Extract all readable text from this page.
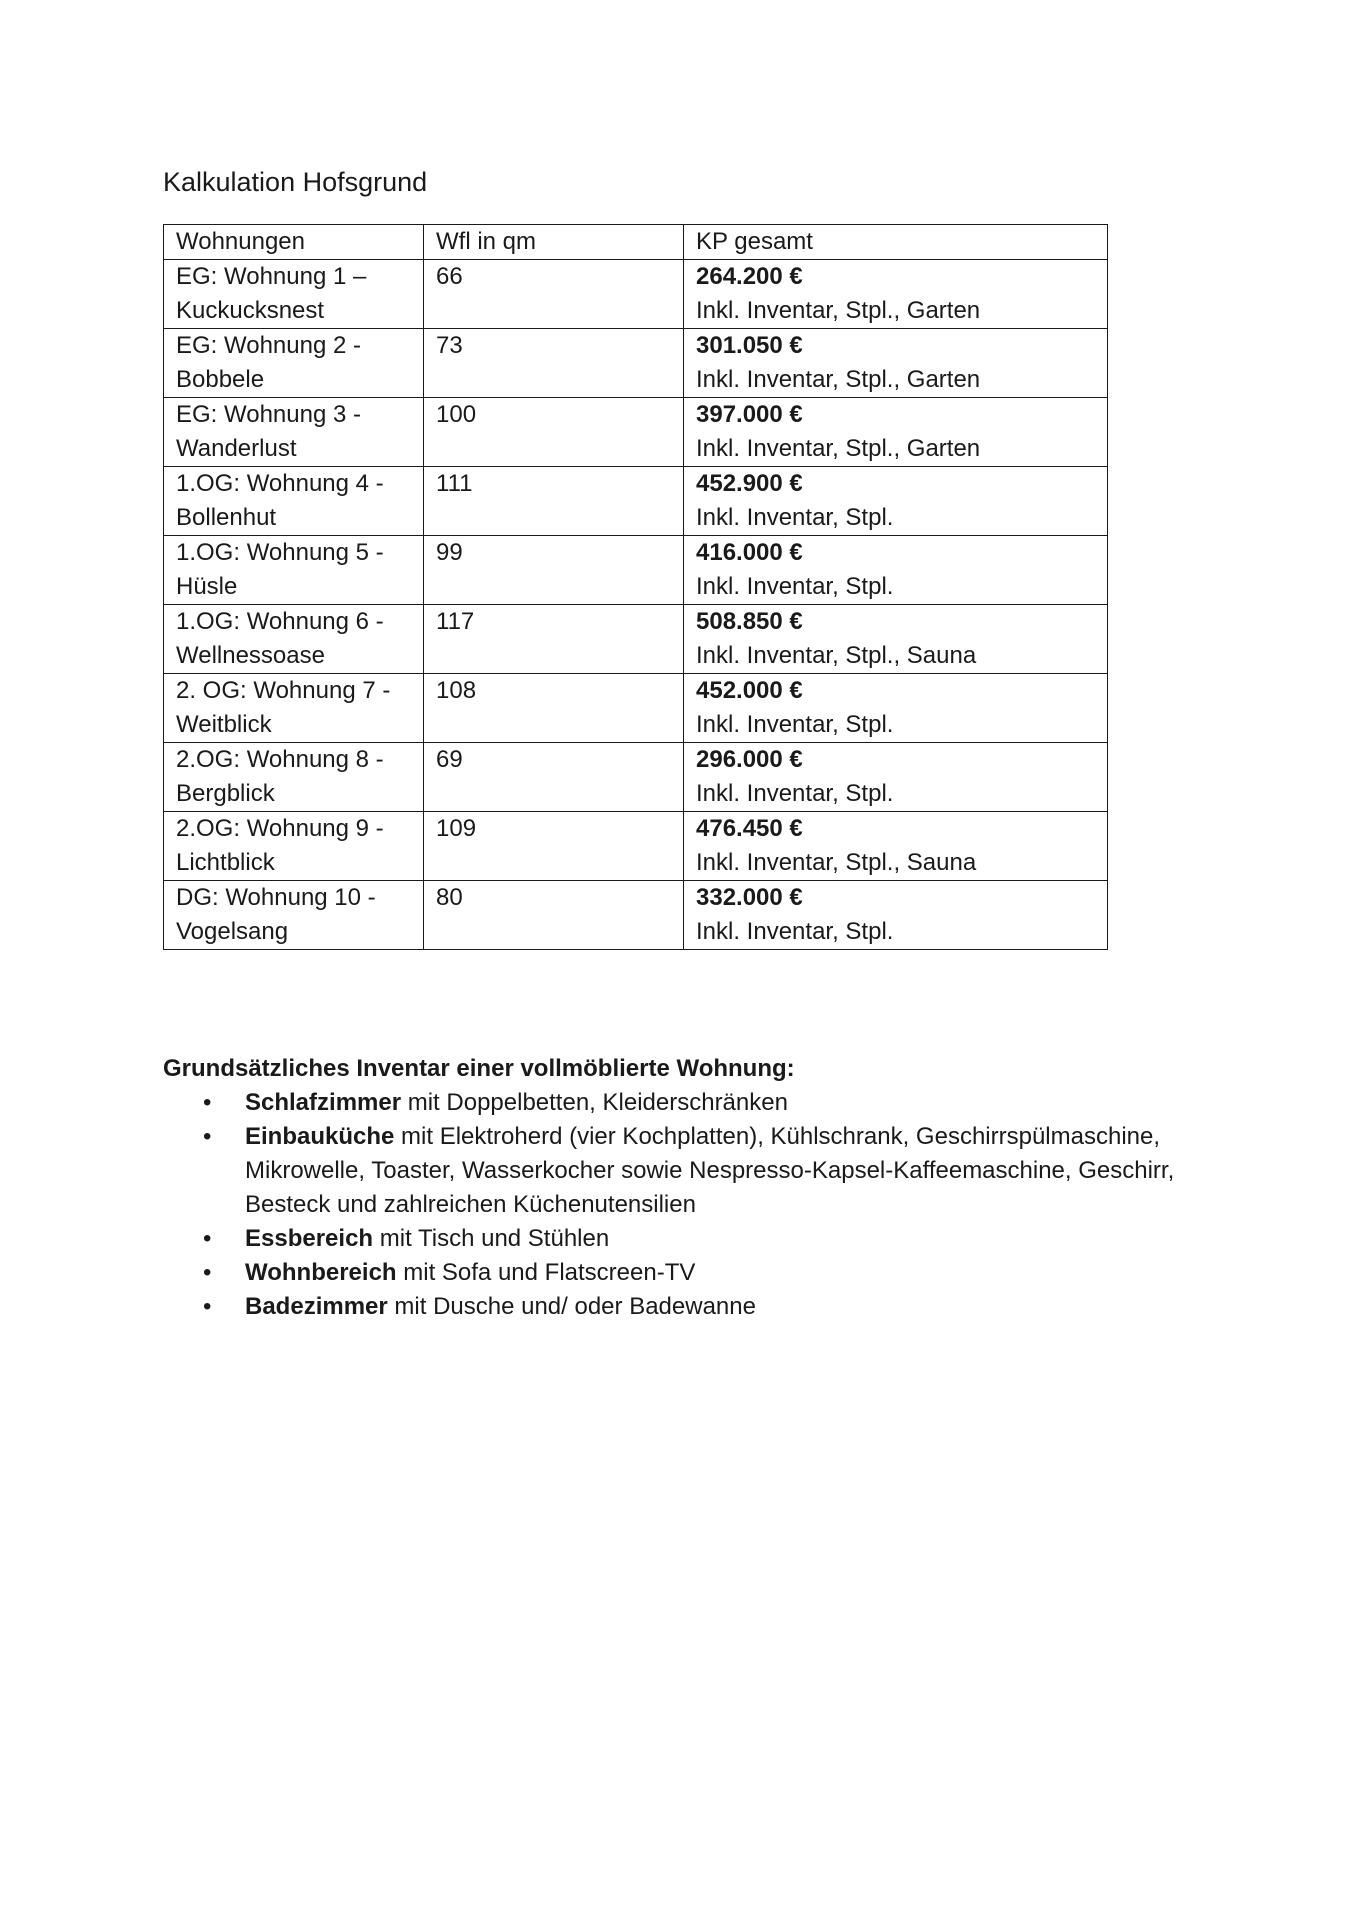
Kalkulation Hofsgrund
Wohnungen	Wfl in qm	KP gesamt
EG: Wohnung 1 – Kuckucksnest	66	264.200 €
Inkl. Inventar, Stpl., Garten

EG: Wohnung 2 - Bobbele	73	301.050 €
Inkl. Inventar, Stpl., Garten

EG: Wohnung 3 - Wanderlust	100	397.000 €
Inkl. Inventar, Stpl., Garten

1.OG: Wohnung 4 - Bollenhut	111	452.900 €
Inkl. Inventar, Stpl.

1.OG: Wohnung 5 - Hüsle	99	416.000 €
Inkl. Inventar, Stpl.

1.OG: Wohnung 6 - Wellnessoase	117	508.850 €
Inkl. Inventar, Stpl., Sauna

2. OG: Wohnung 7 - Weitblick	108	452.000 €
Inkl. Inventar, Stpl.

2.OG: Wohnung 8 - Bergblick	69	296.000 €
Inkl. Inventar, Stpl.

2.OG: Wohnung 9 - Lichtblick	109	476.450 €
Inkl. Inventar, Stpl., Sauna

DG: Wohnung 10 - Vogelsang	80	332.000 €
Inkl. Inventar, Stpl.

Grundsätzliches Inventar einer vollmöblierte Wohnung:

• Schlafzimmer mit Doppelbetten, Kleiderschränken
• Einbauküche mit Elektroherd (vier Kochplatten), Kühlschrank, Geschirrspülmaschine, Mikrowelle, Toaster, Wasserkocher sowie Nespresso-Kapsel-Kaffeemaschine, Geschirr, Besteck und zahlreichen Küchenutensilien
• Essbereich mit Tisch und Stühlen
• Wohnbereich mit Sofa und Flatscreen-TV
• Badezimmer mit Dusche und/ oder Badewanne
